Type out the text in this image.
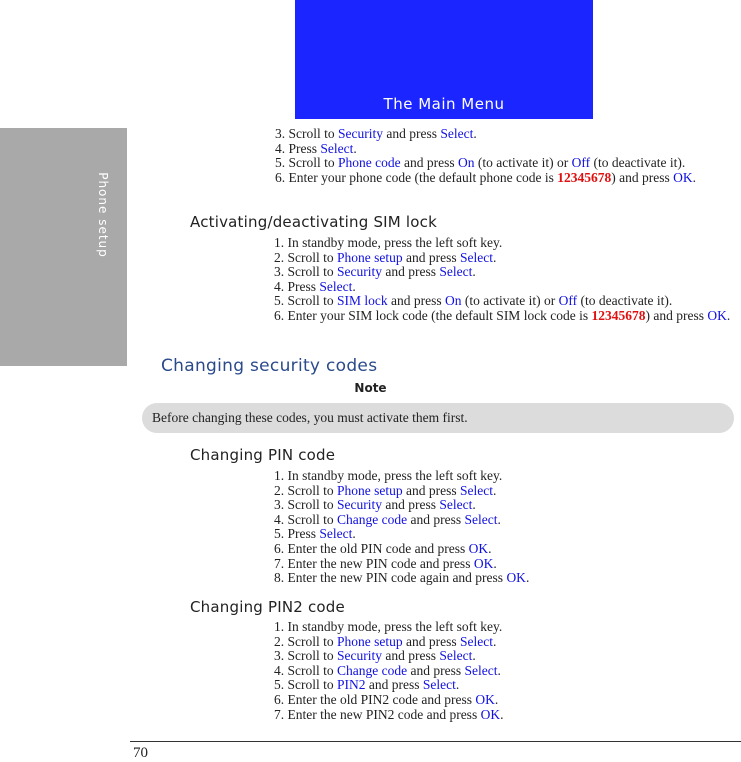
Phone setup
The Main Menu
3. Scroll to Security and press Select.
4. Press Select.
5. Scroll to Phone code and press On (to activate it) or Off (to deactivate it).
6. Enter your phone code (the default phone code is 12345678) and press OK.
Activating/deactivating SIM lock
1. In standby mode, press the left soft key.
2. Scroll to Phone setup and press Select.
3. Scroll to Security and press Select.
4. Press Select.
5. Scroll to SIM lock and press On (to activate it) or Off (to deactivate it).
6. Enter your SIM lock code (the default SIM lock code is 12345678) and press OK.
Changing security codes
Note
Before changing these codes, you must activate them first.
Changing PIN code
1. In standby mode, press the left soft key.
2. Scroll to Phone setup and press Select.
3. Scroll to Security and press Select.
4. Scroll to Change code and press Select.
5. Press Select.
6. Enter the old PIN code and press OK.
7. Enter the new PIN code and press OK.
8. Enter the new PIN code again and press OK.
Changing PIN2 code
1. In standby mode, press the left soft key.
2. Scroll to Phone setup and press Select.
3. Scroll to Security and press Select.
4. Scroll to Change code and press Select.
5. Scroll to PIN2 and press Select.
6. Enter the old PIN2 code and press OK.
7. Enter the new PIN2 code and press OK.
70
